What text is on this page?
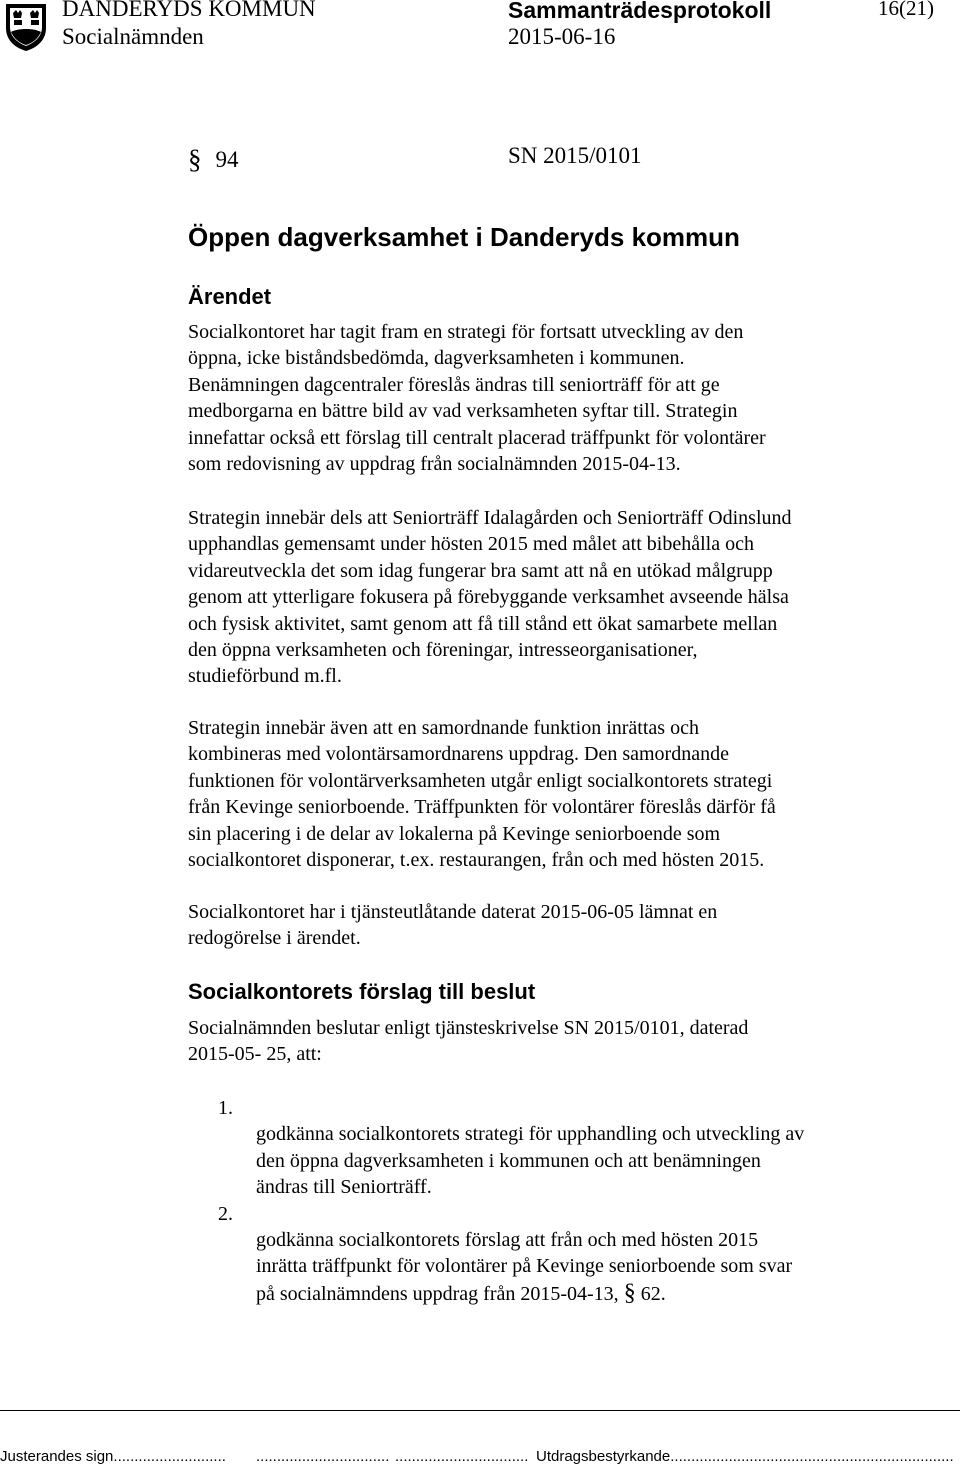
DANDERYDS KOMMUN
Socialnämnden
Sammanträdesprotokoll
2015-06-16
16(21)
§ 94	SN 2015/0101
Öppen dagverksamhet i Danderyds kommun
Ärendet

Socialkontoret har tagit fram en strategi för fortsatt utveckling av den
öppna, icke biståndsbedömda, dagverksamheten i kommunen.
Benämningen dagcentraler föreslås ändras till seniorträff för att ge
medborgarna en bättre bild av vad verksamheten syftar till. Strategin
innefattar också ett förslag till centralt placerad träffpunkt för volontärer
som redovisning av uppdrag från socialnämnden 2015-04-13.

Strategin innebär dels att Seniorträff Idalagården och Seniorträff Odinslund
upphandlas gemensamt under hösten 2015 med målet att bibehålla och
vidareutveckla det som idag fungerar bra samt att nå en utökad målgrupp
genom att ytterligare fokusera på förebyggande verksamhet avseende hälsa
och fysisk aktivitet, samt genom att få till stånd ett ökat samarbete mellan
den öppna verksamheten och föreningar, intresseorganisationer,
studieförbund m.fl.

Strategin innebär även att en samordnande funktion inrättas och
kombineras med volontärsamordnarens uppdrag. Den samordnande
funktionen för volontärverksamheten utgår enligt socialkontorets strategi
från Kevinge seniorboende. Träffpunkten för volontärer föreslås därför få
sin placering i de delar av lokalerna på Kevinge seniorboende som
socialkontoret disponerar, t.ex. restaurangen, från och med hösten 2015.

Socialkontoret har i tjänsteutlåtande daterat 2015-06-05 lämnat en
redogörelse i ärendet.

Socialkontorets förslag till beslut

Socialnämnden beslutar enligt tjänsteskrivelse SN 2015/0101, daterad
2015-05- 25, att:

1.
godkänna socialkontorets strategi för upphandling och utveckling av
den öppna dagverksamheten i kommunen och att benämningen
ändras till Seniorträff.

2.
godkänna socialkontorets förslag att från och med hösten 2015
inrätta träffpunkt för volontärer på Kevinge seniorboende som svar
på socialnämndens uppdrag från 2015-04-13, § 62.

Justerandes sign........................... ................................ ................................ Utdragsbestyrkande....................................................................
